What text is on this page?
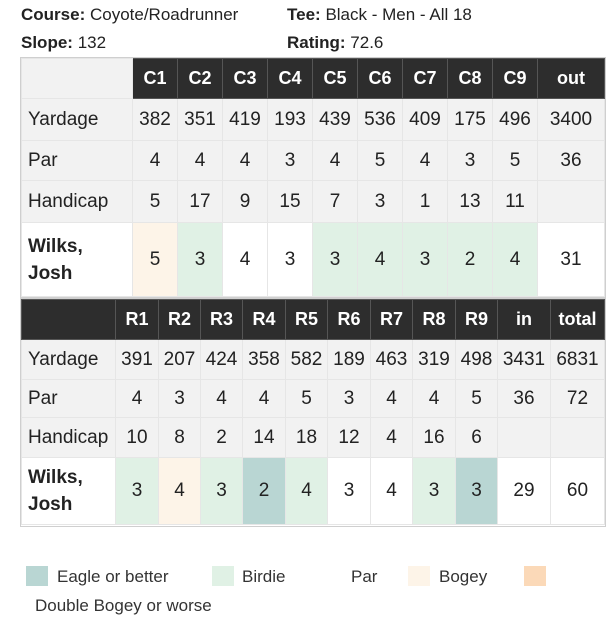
Course: Coyote/Roadrunner	Tee: Black - Men - All 18
Slope: 132	Rating: 72.6
	C1	C2	C3	C4	C5	C6	C7	C8	C9	out
Yardage	382	351	419	193	439	536	409	175	496	3400
Par	4	4	4	3	4	5	4	3	5	36
Handicap	5	17	9	15	7	3	1	13	11	
Wilks,
Josh	5	3	4	3	3	4	3	2	4	31
	R1	R2	R3	R4	R5	R6	R7	R8	R9	in	total
Yardage	391	207	424	358	582	189	463	319	498	3431	6831
Par	4	3	4	4	5	3	4	4	5	36	72
Handicap	10	8	2	14	18	12	4	16	6		
Wilks,
Josh	3	4	3	2	4	3	4	3	3	29	60
Eagle or better	Birdie	Par	Bogey
Double Bogey or worse
